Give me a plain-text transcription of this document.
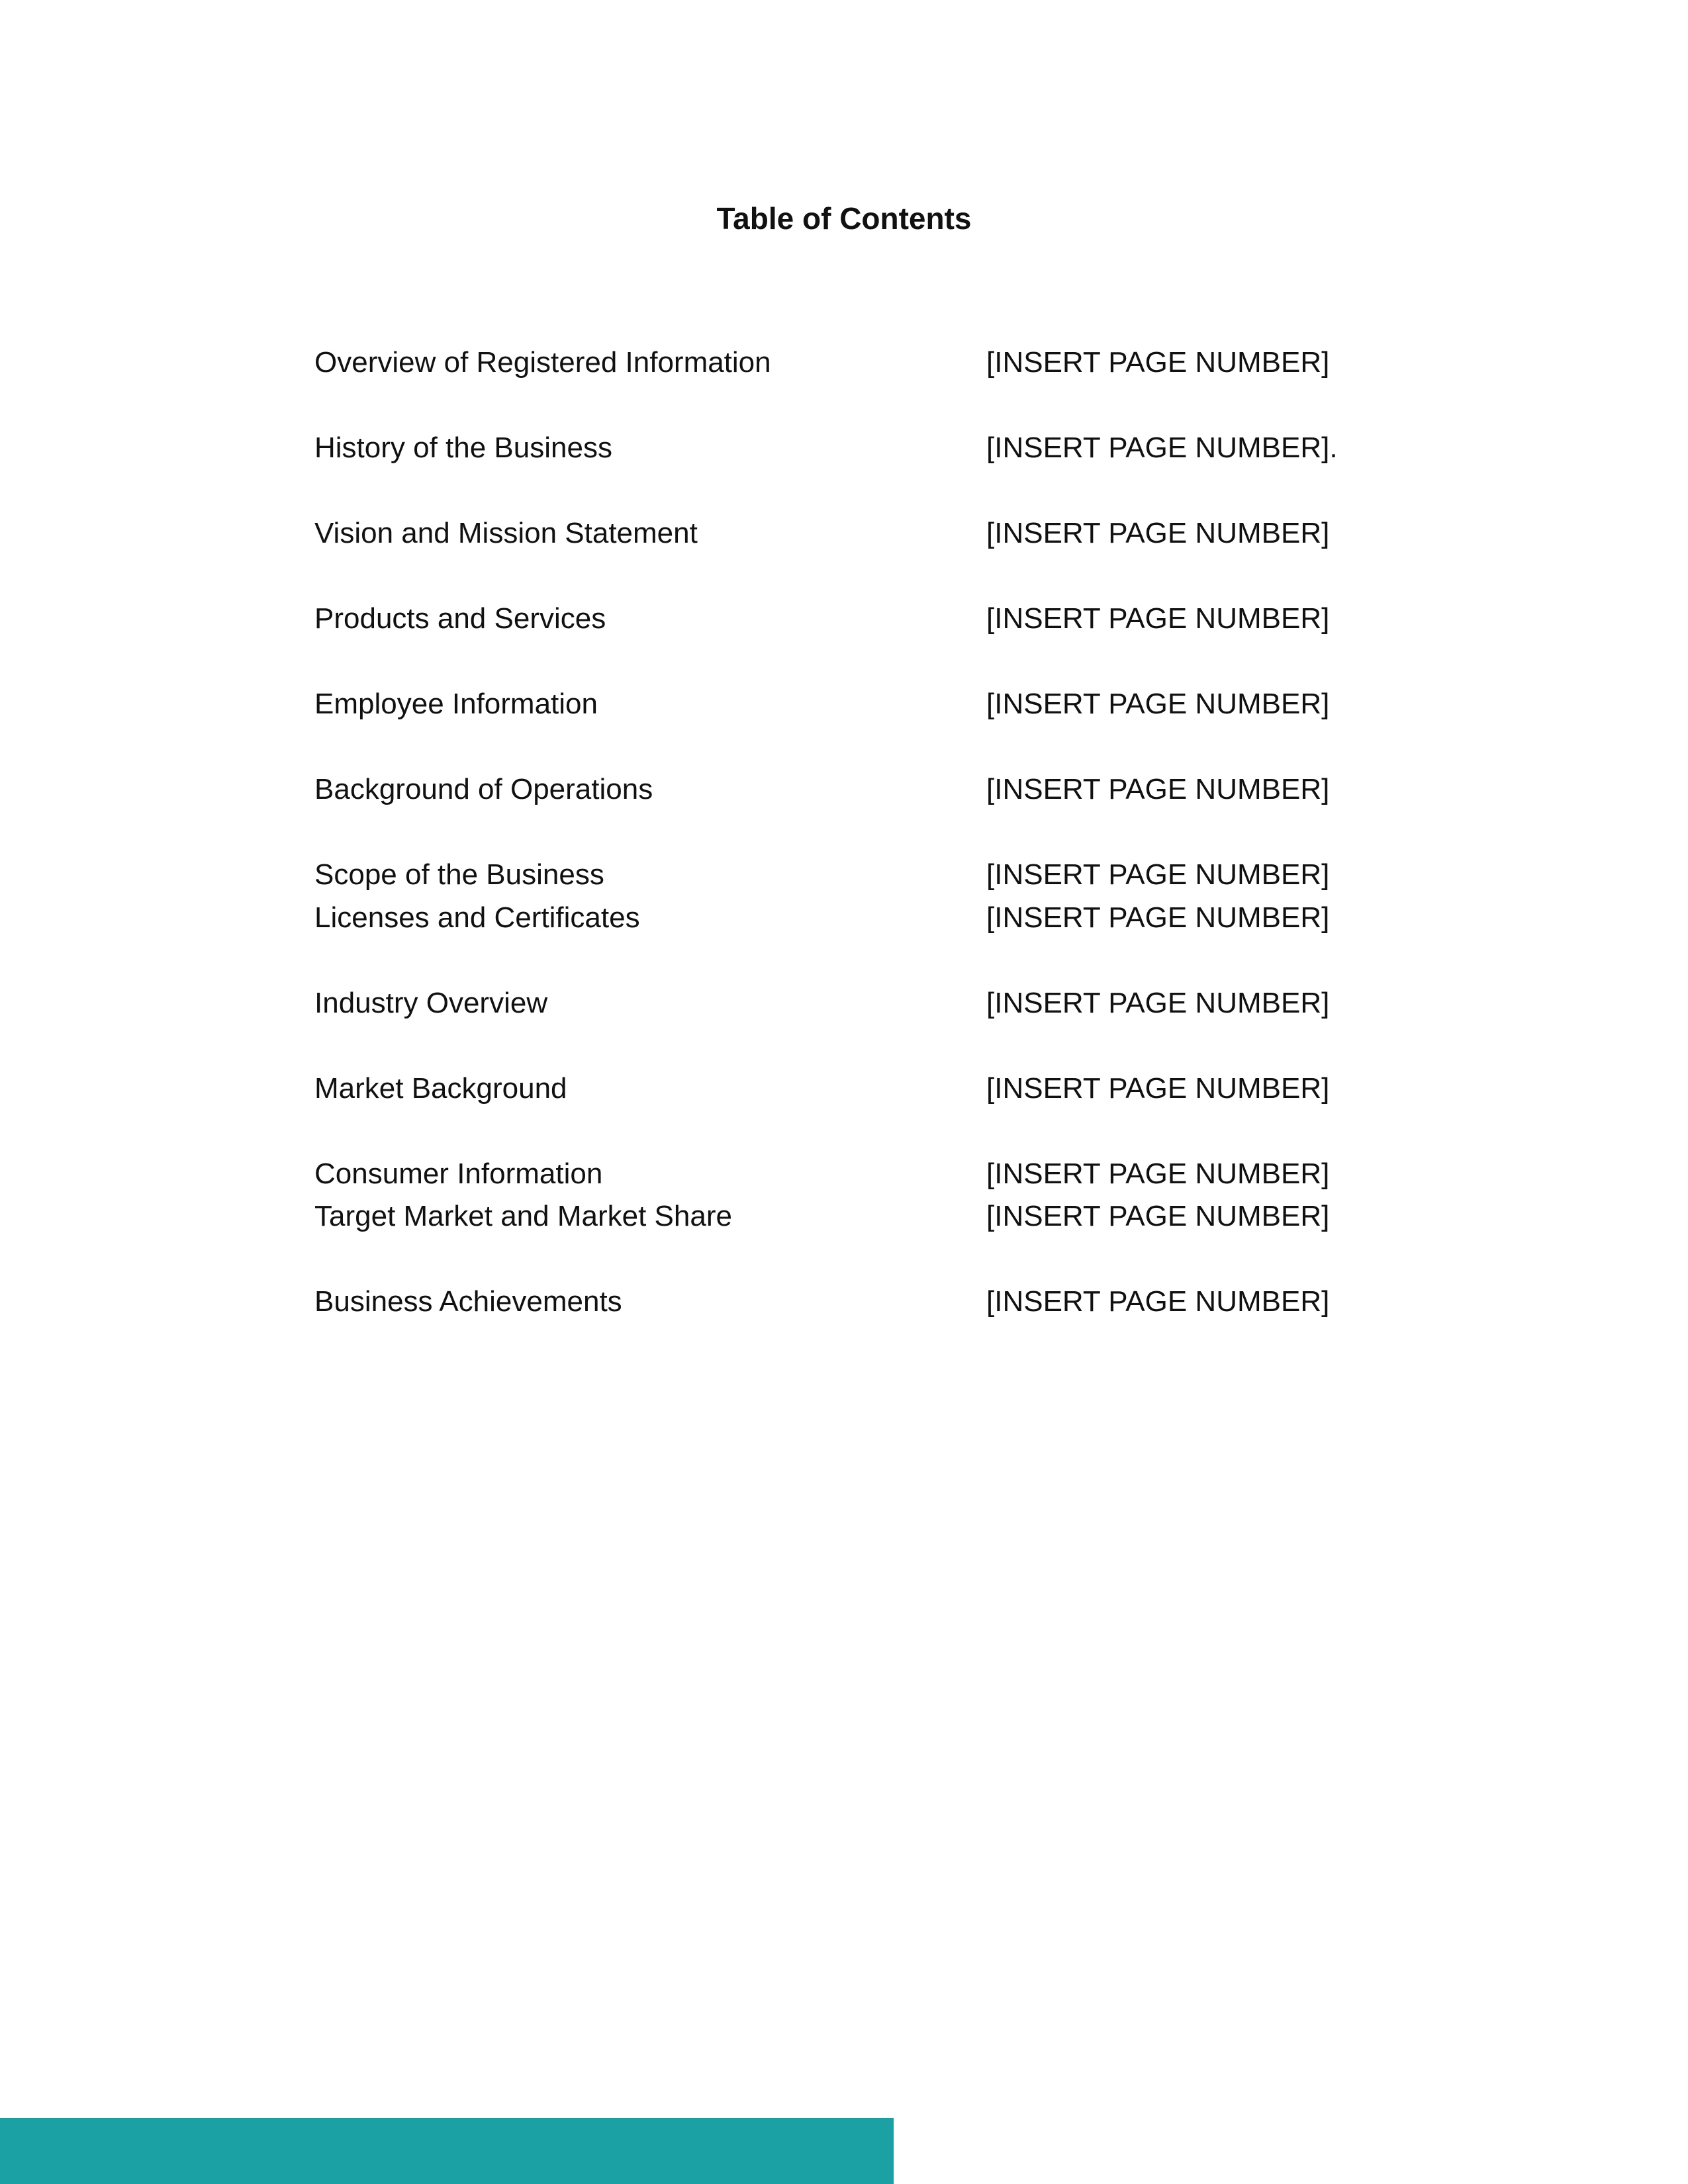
Table of Contents
Overview of Registered Information	[INSERT PAGE NUMBER]
History of the Business	[INSERT PAGE NUMBER].
Vision and Mission Statement	[INSERT PAGE NUMBER]
Products and Services	[INSERT PAGE NUMBER]
Employee Information	[INSERT PAGE NUMBER]
Background of Operations	[INSERT PAGE NUMBER]
Scope of the Business	[INSERT PAGE NUMBER]
Licenses and Certificates	[INSERT PAGE NUMBER]
Industry Overview	[INSERT PAGE NUMBER]
Market Background	[INSERT PAGE NUMBER]
Consumer Information	[INSERT PAGE NUMBER]
Target Market and Market Share	[INSERT PAGE NUMBER]
Business Achievements	[INSERT PAGE NUMBER]
